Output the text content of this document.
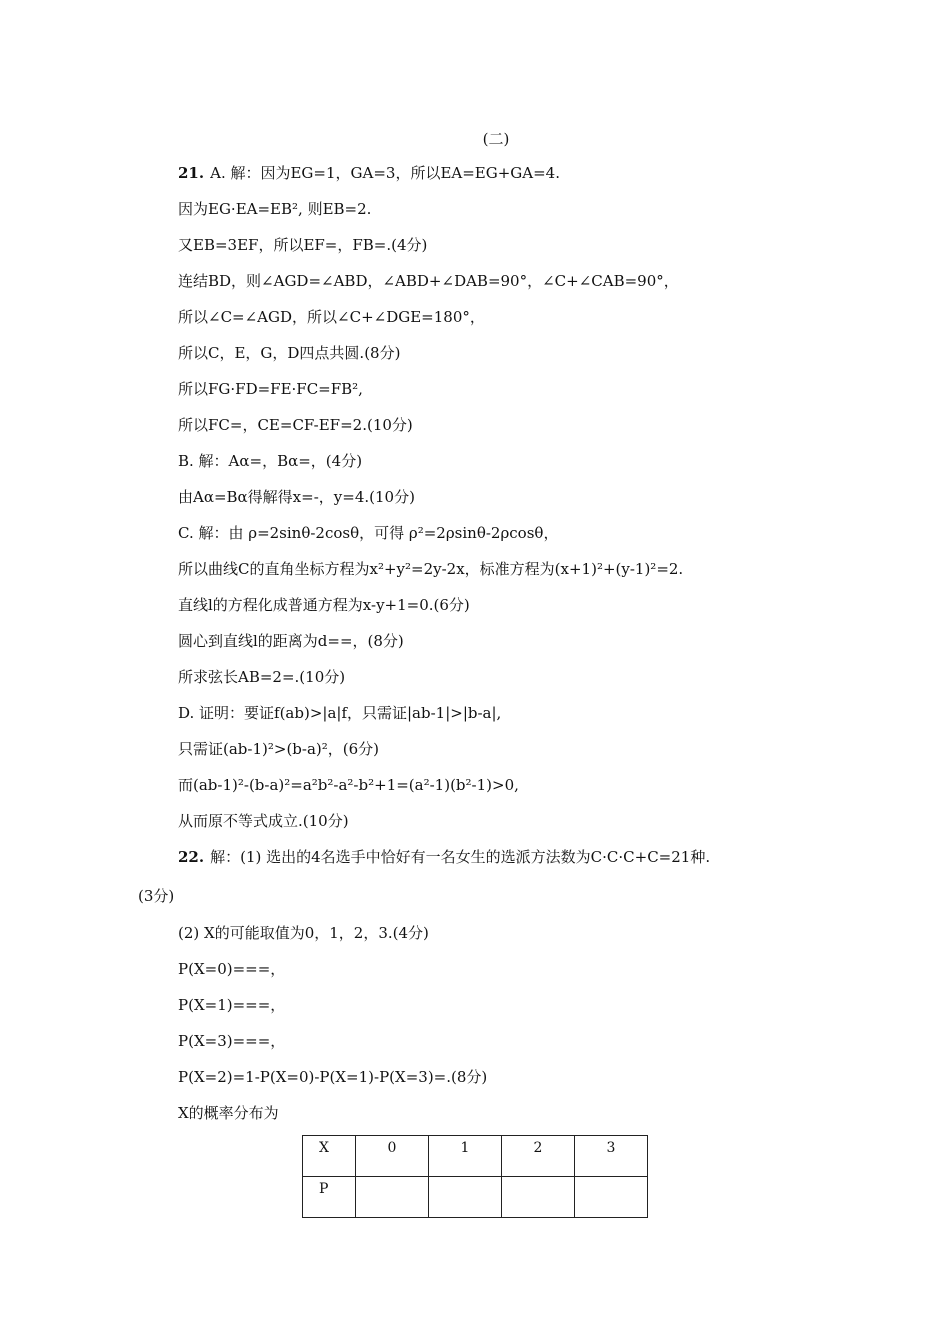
(二)
21. A. 解：因为EG=1，GA=3，所以EA=EG+GA=4.
因为EG·EA=EB², 则EB=2.
又EB=3EF，所以EF=，FB=.(4分)
连结BD，则∠AGD=∠ABD，∠ABD+∠DAB=90°，∠C+∠CAB=90°，
所以∠C=∠AGD，所以∠C+∠DGE=180°，
所以C，E，G，D四点共圆.(8分)
所以FG·FD=FE·FC=FB²,
所以FC=，CE=CF-EF=2.(10分)
B. 解：Aα=，Bα=，(4分)
由Aα=Bα得解得x=-，y=4.(10分)
C. 解：由 ρ=2sinθ-2cosθ，可得 ρ²=2ρsinθ-2ρcosθ，
所以曲线C的直角坐标方程为x²+y²=2y-2x，标准方程为(x+1)²+(y-1)²=2.
直线l的方程化成普通方程为x-y+1=0.(6分)
圆心到直线l的距离为d==，(8分)
所求弦长AB=2=.(10分)
D. 证明：要证f(ab)>|a|f，只需证|ab-1|>|b-a|,
只需证(ab-1)²>(b-a)²，(6分)
而(ab-1)²-(b-a)²=a²b²-a²-b²+1=(a²-1)(b²-1)>0,
从而原不等式成立.(10分)
22. 解：(1) 选出的4名选手中恰好有一名女生的选派方法数为C·C·C+C=21种.
(3分)
(2) X的可能取值为0，1，2，3.(4分)
P(X=0)===，
P(X=1)===，
P(X=3)===，
P(X=2)=1-P(X=0)-P(X=1)-P(X=3)=.(8分)
X的概率分布为
X	0	1	2	3
P				
